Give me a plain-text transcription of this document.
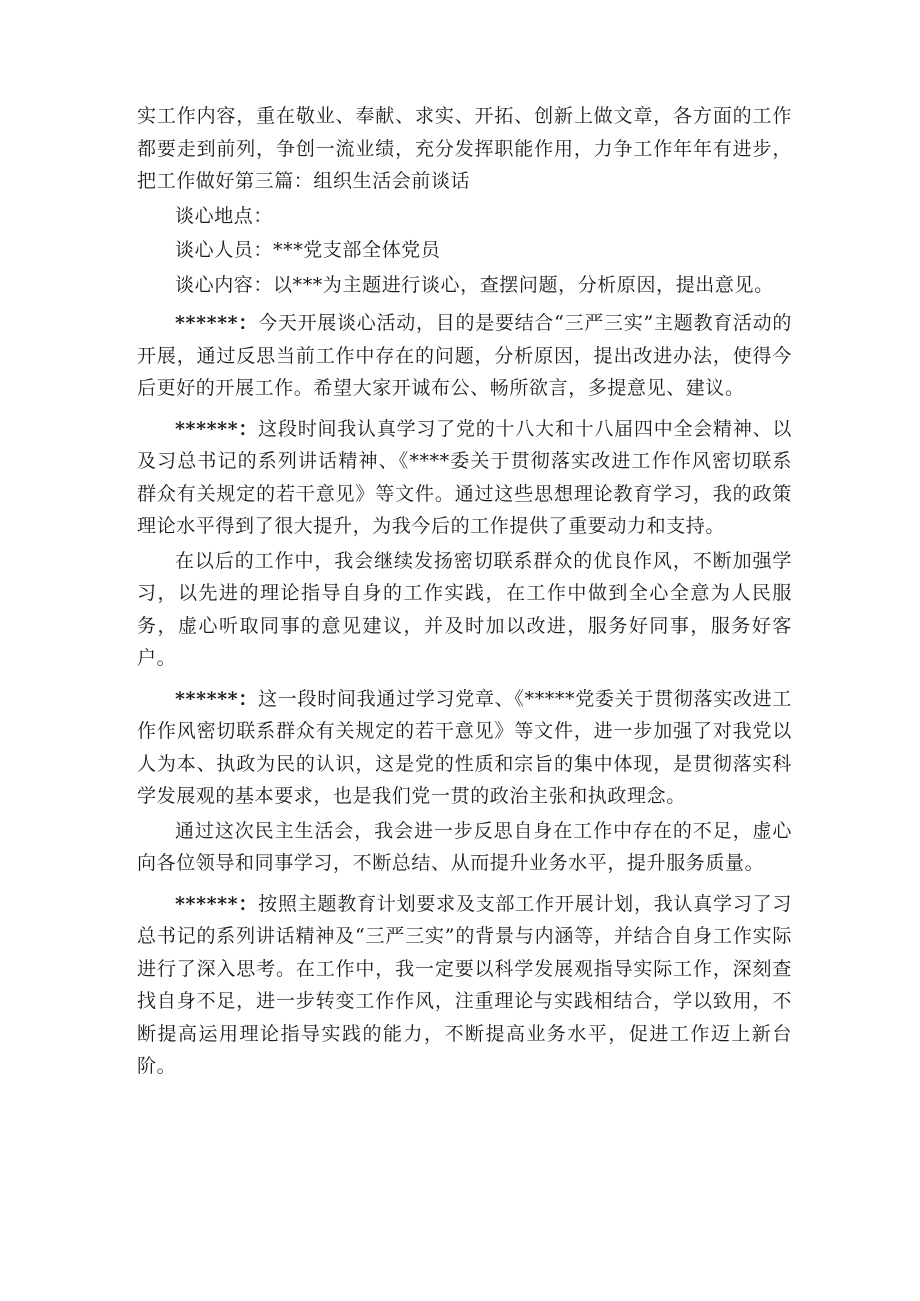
实工作内容，重在敬业、奉献、求实、开拓、创新上做文章，各方面的工作都要走到前列，争创一流业绩，充分发挥职能作用，力争工作年年有进步，把工作做好第三篇：组织生活会前谈话

谈心地点：

谈心人员：***党支部全体党员

谈心内容：以***为主题进行谈心，查摆问题，分析原因，提出意见。

******：今天开展谈心活动，目的是要结合“三严三实”主题教育活动的开展，通过反思当前工作中存在的问题，分析原因，提出改进办法，使得今后更好的开展工作。希望大家开诚布公、畅所欲言，多提意见、建议。

******：这段时间我认真学习了党的十八大和十八届四中全会精神、以及习总书记的系列讲话精神、《****委关于贯彻落实改进工作作风密切联系群众有关规定的若干意见》等文件。通过这些思想理论教育学习，我的政策理论水平得到了很大提升，为我今后的工作提供了重要动力和支持。

在以后的工作中，我会继续发扬密切联系群众的优良作风，不断加强学习，以先进的理论指导自身的工作实践，在工作中做到全心全意为人民服务，虚心听取同事的意见建议，并及时加以改进，服务好同事，服务好客户。

******：这一段时间我通过学习党章、《*****党委关于贯彻落实改进工作作风密切联系群众有关规定的若干意见》等文件，进一步加强了对我党以人为本、执政为民的认识，这是党的性质和宗旨的集中体现，是贯彻落实科学发展观的基本要求，也是我们党一贯的政治主张和执政理念。

通过这次民主生活会，我会进一步反思自身在工作中存在的不足，虚心向各位领导和同事学习，不断总结、从而提升业务水平，提升服务质量。

******：按照主题教育计划要求及支部工作开展计划，我认真学习了习总书记的系列讲话精神及“三严三实”的背景与内涵等，并结合自身工作实际进行了深入思考。在工作中，我一定要以科学发展观指导实际工作，深刻查找自身不足，进一步转变工作作风，注重理论与实践相结合，学以致用，不断提高运用理论指导实践的能力，不断提高业务水平，促进工作迈上新台阶。
